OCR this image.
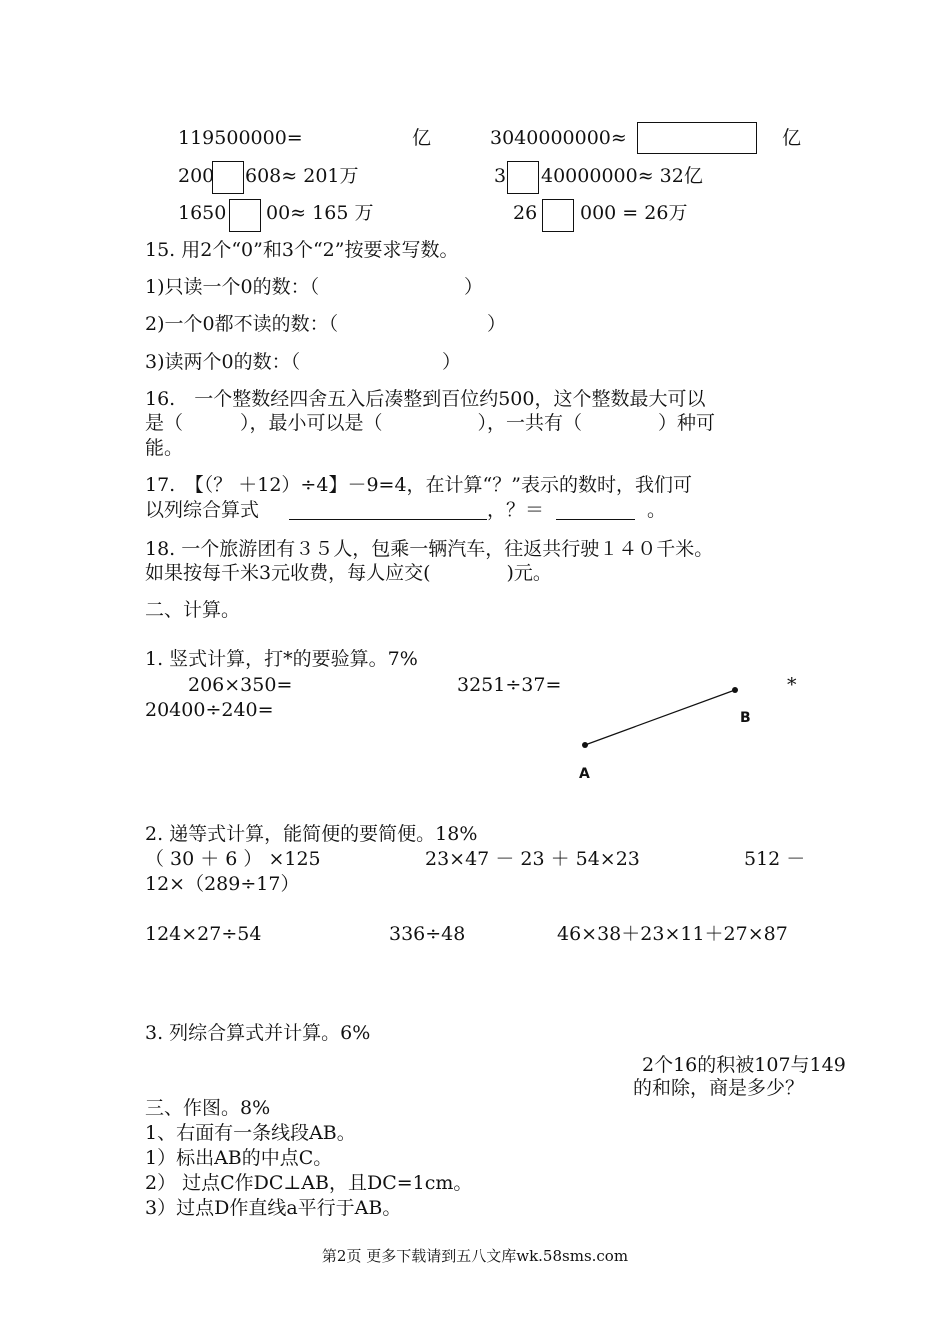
119500000=	亿	3040000000≈	亿
200 608≈ 201万	3 40000000≈ 32亿
1650 00≈ 165 万	26 000 = 26万
15. 用2个“0”和3个“2”按要求写数。
1)只读一个0的数：（	）
2)一个0都不读的数：（	）
3)读两个0的数：（	）
16.　一个整数经四舍五入后凑整到百位约500，这个整数最大可以
是（　　　），最小可以是（　　　　　），一共有（　　　　）种可
能。
17.　【（？ ＋12）÷4】－9=4，在计算“？”表示的数时，我们可
以列综合算式	，？＝	。
18. 一个旅游团有３５人，包乘一辆汽车，往返共行驶１４０千米。
如果按每千米3元收费，每人应交(　　　　)元。
二、计算。
1. 竖式计算，打*的要验算。7%
206×350=	3251÷37=	*
20400÷240=
A
B
2. 递等式计算，能简便的要简便。18%
（ 30 ＋ 6 ） ×125	23×47 － 23 ＋ 54×23	512 －
12×（289÷17）
124×27÷54	336÷48	46×38＋23×11＋27×87
3. 列综合算式并计算。6%
2个16的积被107与149
的和除，商是多少？
三、作图。8%
1、右面有一条线段AB。
1）标出AB的中点C。
2） 过点C作DC⊥AB，且DC=1cm。
3）过点D作直线a平行于AB。
第2页 更多下载请到五八文库wk.58sms.com
